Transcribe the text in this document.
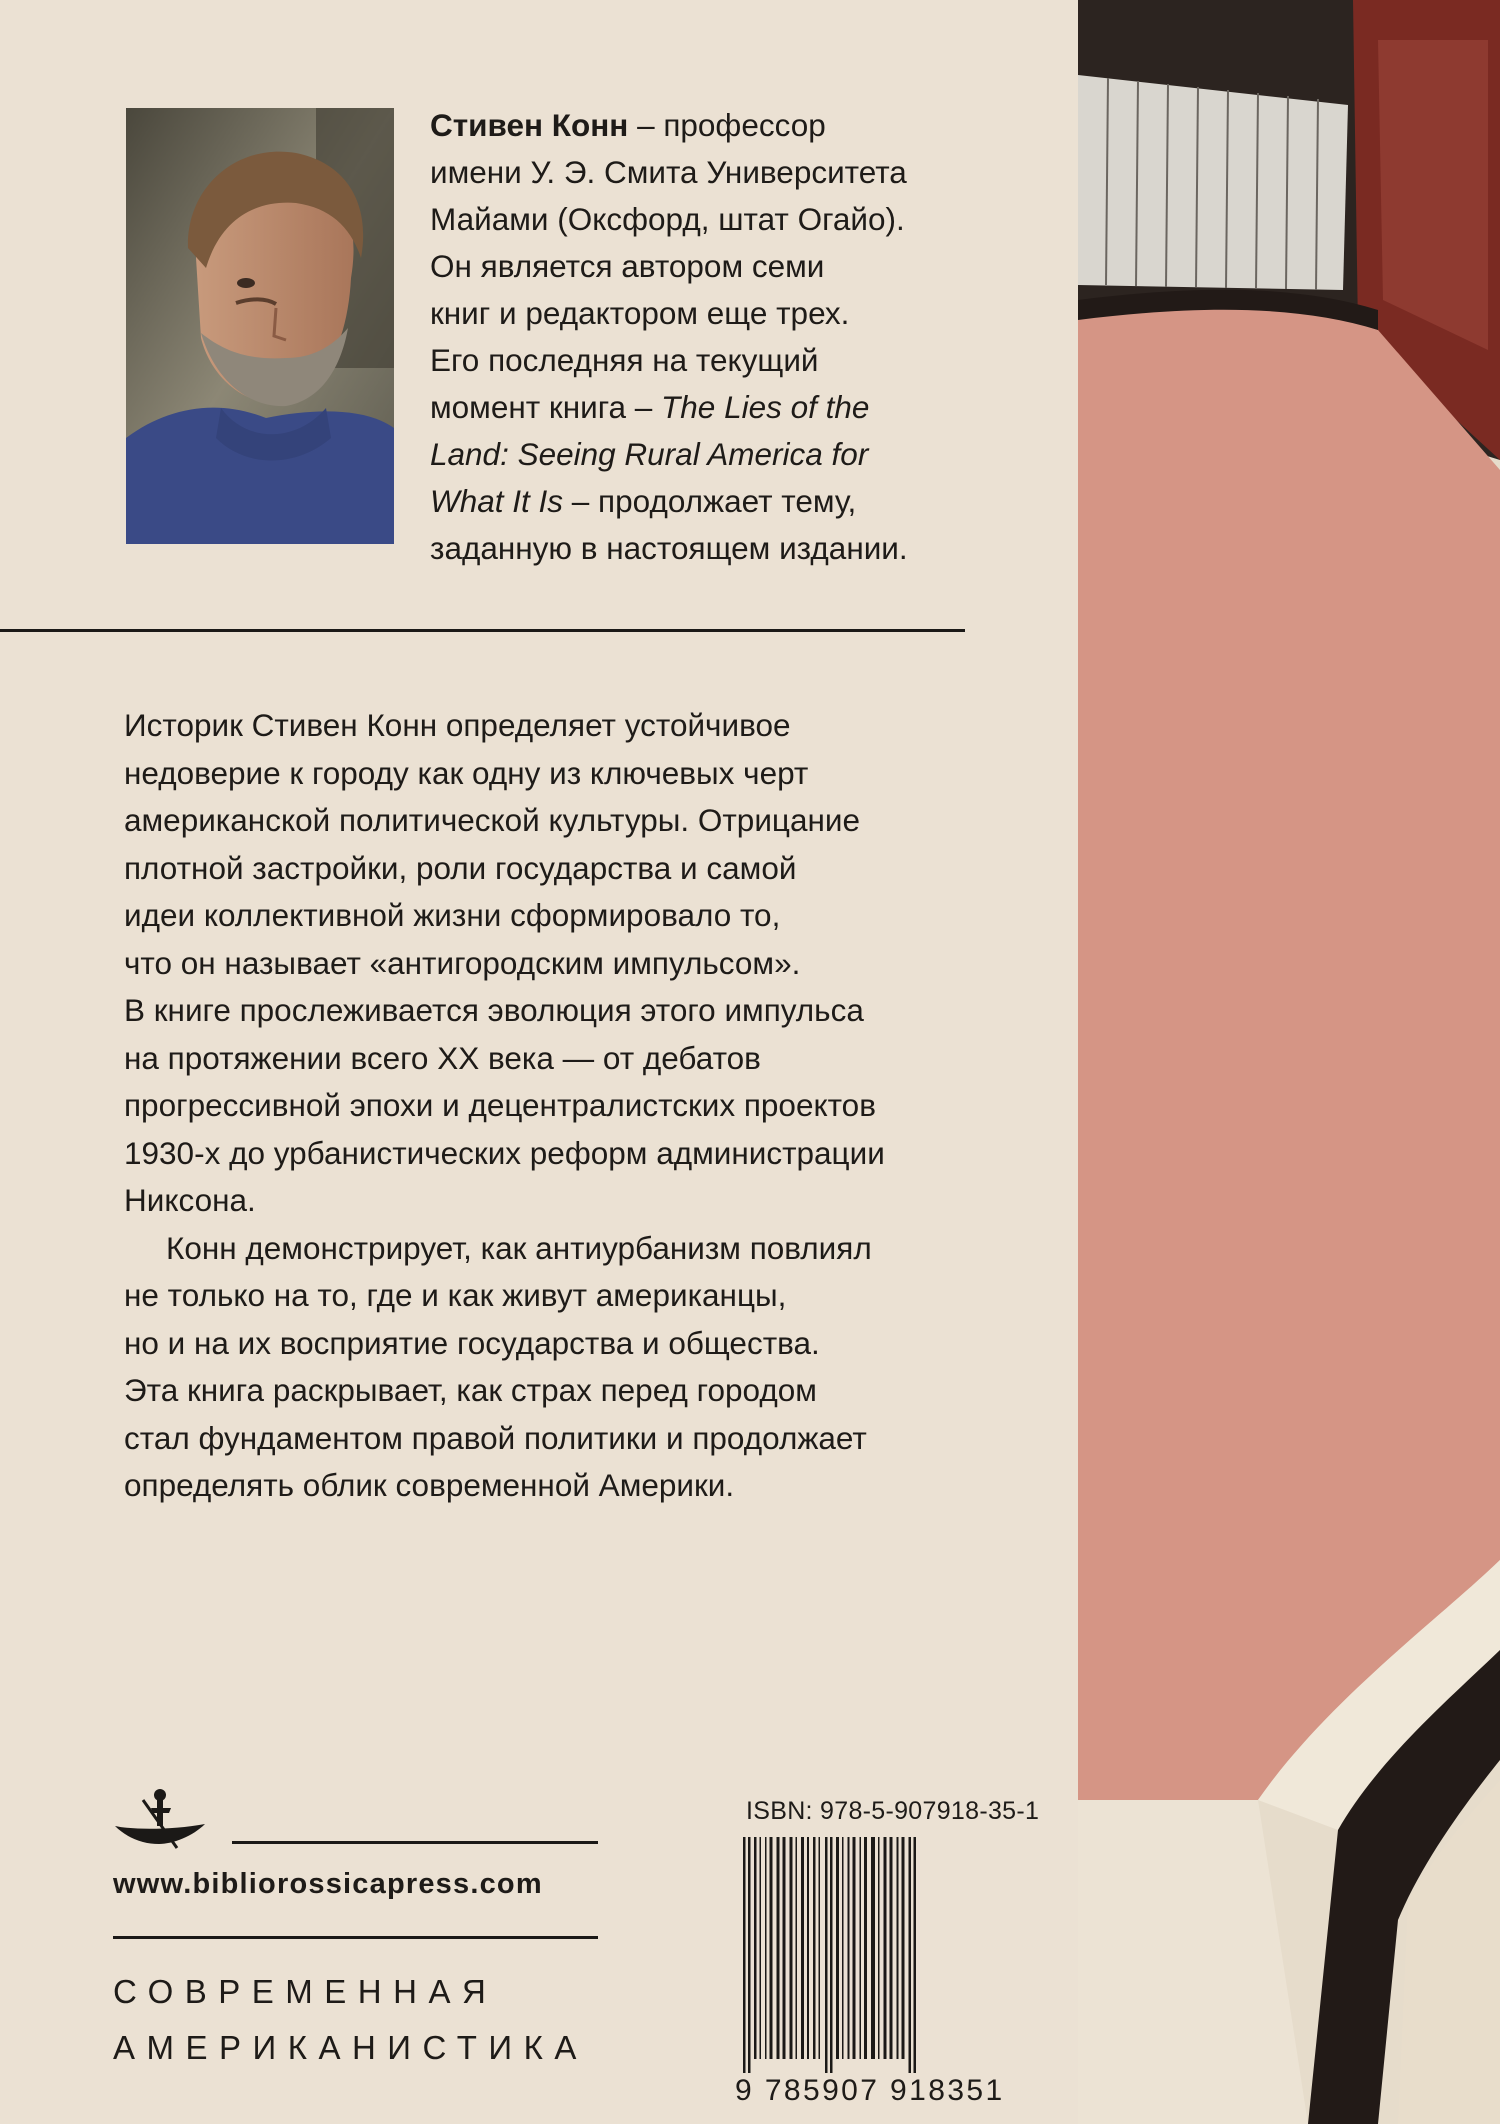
Стивен Конн – профессор
имени У. Э. Смита Университета
Майами (Оксфорд, штат Огайо).
Он является автором семи
книг и редактором еще трех.
Его последняя на текущий
момент книга – The Lies of the
Land: Seeing Rural America for
What It Is – продолжает тему,
заданную в настоящем издании.

Историк Стивен Конн определяет устойчивое
недоверие к городу как одну из ключевых черт
американской политической культуры. Отрицание
плотной застройки, роли государства и самой
идеи коллективной жизни сформировало то,
что он называет «антигородским импульсом».
В книге прослеживается эволюция этого импульса
на протяжении всего XX века — от дебатов
прогрессивной эпохи и децентралистских проектов
1930-х до урбанистических реформ администрации
Никсона.

Конн демонстрирует, как антиурбанизм повлиял
не только на то, где и как живут американцы,
но и на их восприятие государства и общества.
Эта книга раскрывает, как страх перед городом
стал фундаментом правой политики и продолжает
определять облик современной Америки.

www.bibliorossicapress.com

СОВРЕМЕННАЯ
АМЕРИКАНИСТИКА

ISBN: 978-5-907918-35-1
9 785907 918351
